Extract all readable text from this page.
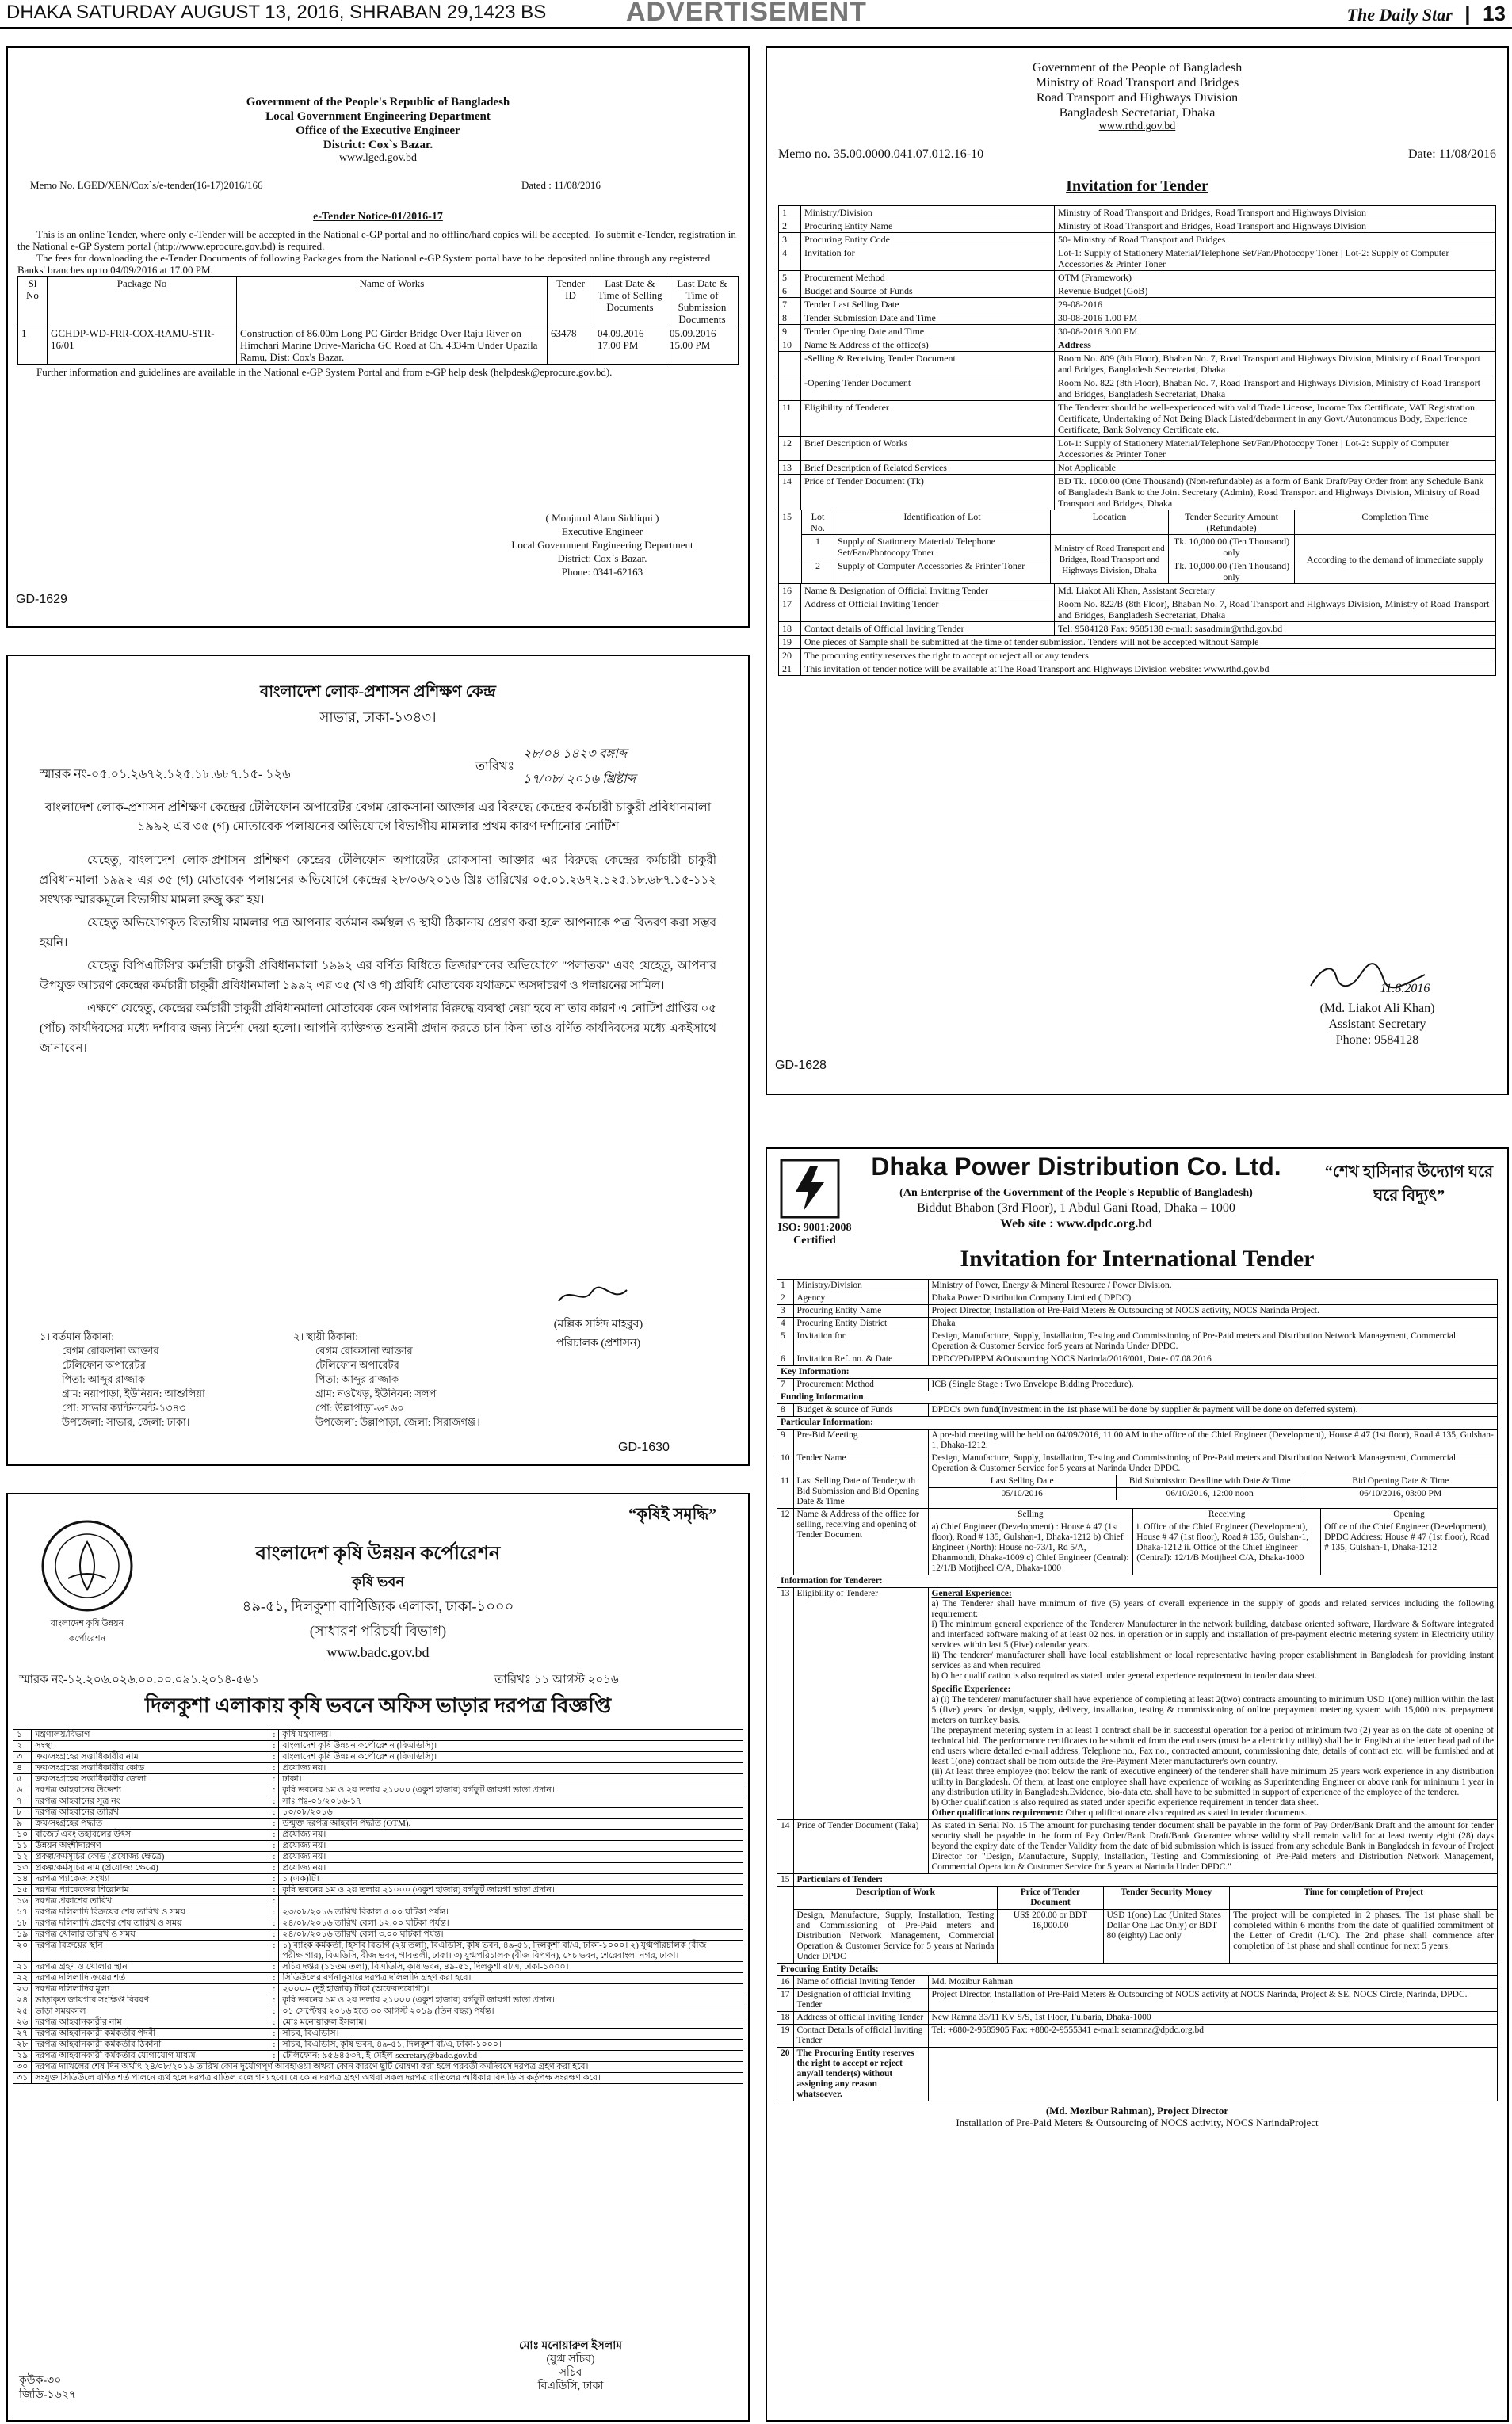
DHAKA SATURDAY AUGUST 13, 2016, SHRABAN 29,1423 BS	ADVERTISEMENT	The Daily Star | 13
Government of the People's Republic of Bangladesh
Local Government Engineering Department
Office of the Executive Engineer
District: Cox`s Bazar.
www.lged.gov.bd
Memo No. LGED/XEN/Cox`s/e-tender(16-17)2016/166	Dated : 11/08/2016
e-Tender Notice-01/2016-17
This is an online Tender, where only e-Tender will be accepted in the National e-GP portal and no offline/hard copies will be accepted. To submit e-Tender, registration in the National e-GP System portal (http://www.eprocure.gov.bd) is required.
The fees for downloading the e-Tender Documents of following Packages from the National e-GP System portal have to be deposited online through any registered Banks' branches up to 04/09/2016 at 17.00 PM.
Sl No	Package No	Name of Works	Tender ID	Last Date & Time of Selling Documents	Last Date & Time of Submission Documents
1	GCHDP-WD-FRR-COX-RAMU-STR-16/01	Construction of 86.00m Long PC Girder Bridge Over Raju River on Himchari Marine Drive-Maricha GC Road at Ch. 4334m Under Upazila Ramu, Dist: Cox's Bazar.	63478	04.09.2016 17.00 PM	05.09.2016 15.00 PM
Further information and guidelines are available in the National e-GP System Portal and from e-GP help desk (helpdesk@eprocure.gov.bd).
( Monjurul Alam Siddiqui )
Executive Engineer
Local Government Engineering Department
District: Cox`s Bazar.
Phone: 0341-62163
GD-1629
Government of the People of Bangladesh
Ministry of Road Transport and Bridges
Road Transport and Highways Division
Bangladesh Secretariat, Dhaka
www.rthd.gov.bd
Memo no. 35.00.0000.041.07.012.16-10	Date: 11/08/2016
Invitation for Tender
1	Ministry/Division	Ministry of Road Transport and Bridges, Road Transport and Highways Division
2	Procuring Entity Name	Ministry of Road Transport and Bridges, Road Transport and Highways Division
3	Procuring Entity Code	50- Ministry of Road Transport and Bridges
4	Invitation for	Lot-1: Supply of Stationery Material/Telephone Set/Fan/Photocopy Toner | Lot-2: Supply of Computer Accessories & Printer Toner
5	Procurement Method	OTM (Framework)
6	Budget and Source of Funds	Revenue Budget (GoB)
7	Tender Last Selling Date	29-08-2016
8	Tender Submission Date and Time	30-08-2016 1.00 PM
9	Tender Opening Date and Time	30-08-2016 3.00 PM
10	Name & Address of the office(s)	Address
	-Selling & Receiving Tender Document	Room No. 809 (8th Floor), Bhaban No. 7, Road Transport and Highways Division, Ministry of Road Transport and Bridges, Bangladesh Secretariat, Dhaka
	-Opening Tender Document	Room No. 822 (8th Floor), Bhaban No. 7, Road Transport and Highways Division, Ministry of Road Transport and Bridges, Bangladesh Secretariat, Dhaka
11	Eligibility of Tenderer	The Tenderer should be well-experienced with valid Trade License, Income Tax Certificate, VAT Registration Certificate, Undertaking of Not Being Black Listed/debarment in any Govt./Autonomous Body, Experience Certificate, Bank Solvency Certificate etc.
12	Brief Description of Works	Lot-1: Supply of Stationery Material/Telephone Set/Fan/Photocopy Toner | Lot-2: Supply of Computer Accessories & Printer Toner
13	Brief Description of Related Services	Not Applicable
14	Price of Tender Document (Tk)	BD Tk. 1000.00 (One Thousand) (Non-refundable) as a form of Bank Draft/Pay Order from any Schedule Bank of Bangladesh Bank to the Joint Secretary (Admin), Road Transport and Highways Division, Ministry of Road Transport and Bridges, Dhaka
15	Lot No.	Identification of Lot	Location	Tender Security Amount (Refundable)	Completion Time
	1	Supply of Stationery Material/ Telephone Set/Fan/Photocopy Toner	Ministry of Road Transport and Bridges, Road Transport and Highways Division, Dhaka	Tk. 10,000.00 (Ten Thousand) only	According to the demand of immediate supply
	2	Supply of Computer Accessories & Printer Toner		Tk. 10,000.00 (Ten Thousand) only	
16	Name & Designation of Official Inviting Tender	Md. Liakot Ali Khan, Assistant Secretary
17	Address of Official Inviting Tender	Room No. 822/B (8th Floor), Bhaban No. 7, Road Transport and Highways Division, Ministry of Road Transport and Bridges, Bangladesh Secretariat, Dhaka
18	Contact details of Official Inviting Tender	Tel: 9584128 Fax: 9585138 e-mail: sasadmin@rthd.gov.bd
19	One pieces of Sample shall be submitted at the time of tender submission. Tenders will not be accepted without Sample
20	The procuring entity reserves the right to accept or reject all or any tenders
21	This invitation of tender notice will be available at The Road Transport and Highways Division website: www.rthd.gov.bd
11.8.2016
(Md. Liakot Ali Khan)
Assistant Secretary
Phone: 9584128
GD-1628
বাংলাদেশ লোক-প্রশাসন প্রশিক্ষণ কেন্দ্র
সাভার, ঢাকা-১৩৪৩।
স্মারক নং-০৫.০১.২৬৭২.১২৫.১৮.৬৮৭.১৫- ১২৬
তারিখঃ
২৮/০৪ ১৪২৩ বঙ্গাব্দ
১৭/০৮/ ২০১৬ খ্রিষ্টাব্দ
বাংলাদেশ লোক-প্রশাসন প্রশিক্ষণ কেন্দ্রের টেলিফোন অপারেটর বেগম রোকসানা আক্তার এর বিরুদ্ধে কেন্দ্রের কর্মচারী চাকুরী প্রবিধানমালা ১৯৯২ এর ৩৫ (গ) মোতাবেক পলায়নের অভিযোগে বিভাগীয় মামলার প্রথম কারণ দর্শানোর নোটিশ

যেহেতু, বাংলাদেশ লোক-প্রশাসন প্রশিক্ষণ কেন্দ্রের টেলিফোন অপারেটর রোকসানা আক্তার এর বিরুদ্ধে কেন্দ্রের কর্মচারী চাকুরী প্রবিধানমালা ১৯৯২ এর ৩৫ (গ) মোতাবেক পলায়নের অভিযোগে কেন্দ্রের ২৮/০৬/২০১৬ খ্রিঃ তারিখের ০৫.০১.২৬৭২.১২৫.১৮.৬৮৭.১৫-১১২ সংখ্যক স্মারকমূলে বিভাগীয় মামলা রুজু করা হয়।

যেহেতু অভিযোগকৃত বিভাগীয় মামলার পত্র আপনার বর্তমান কর্মস্থল ও স্থায়ী ঠিকানায় প্রেরণ করা হলে আপনাকে পত্র বিতরণ করা সম্ভব হয়নি।

যেহেতু বিপিএটিসি'র কর্মচারী চাকুরী প্রবিধানমালা ১৯৯২ এর বর্ণিত বিধিতে ডিজারশনের অভিযোগে "পলাতক" এবং যেহেতু, আপনার উপযুক্ত আচরণ কেন্দ্রের কর্মচারী চাকুরী প্রবিধানমালা ১৯৯২ এর ৩৫ (খ ও গ) প্রবিধি মোতাবেক যথাক্রমে অসদাচরণ ও পলায়নের সামিল।

এক্ষণে যেহেতু, কেন্দ্রের কর্মচারী চাকুরী প্রবিধানমালা মোতাবেক কেন আপনার বিরুদ্ধে ব্যবস্থা নেয়া হবে না তার কারণ এ নোটিশ প্রাপ্তির ০৫ (পাঁচ) কার্যদিবসের মধ্যে দর্শাবার জন্য নির্দেশ দেয়া হলো। আপনি ব্যক্তিগত শুনানী প্রদান করতে চান কিনা তাও বর্ণিত কার্যদিবসের মধ্যে একইসাথে জানাবেন।

(মল্লিক সাঈদ মাহবুব)
পরিচালক (প্রশাসন)
১। বর্তমান ঠিকানা:
বেগম রোকসানা আক্তার
টেলিফোন অপারেটর
পিতা: আব্দুর রাজ্জাক
গ্রাম: নয়াপাড়া, ইউনিয়ন: আশুলিয়া
পো: সাভার ক্যান্টনমেন্ট-১৩৪৩
উপজেলা: সাভার, জেলা: ঢাকা।
২। স্থায়ী ঠিকানা:
বেগম রোকসানা আক্তার
টেলিফোন অপারেটর
পিতা: আব্দুর রাজ্জাক
গ্রাম: নওখৈড়, ইউনিয়ন: সলপ
পো: উল্লাপাড়া-৬৭৬০
উপজেলা: উল্লাপাড়া, জেলা: সিরাজগঞ্জ।
GD-1630
“কৃষিই সমৃদ্ধি”
বাংলাদেশ কৃষি উন্নয়ন কর্পোরেশন
বাংলাদেশ কৃষি উন্নয়ন কর্পোরেশন
কৃষি ভবন
৪৯-৫১, দিলকুশা বাণিজ্যিক এলাকা, ঢাকা-১০০০
(সাধারণ পরিচর্যা বিভাগ)
www.badc.gov.bd
স্মারক নং-১২.২০৬.০২৬.০০.০০.০৯১.২০১৪-৫৬১	তারিখঃ ১১ আগস্ট ২০১৬
দিলকুশা এলাকায় কৃষি ভবনে অফিস ভাড়ার দরপত্র বিজ্ঞপ্তি
১	মন্ত্রণালয়/বিভাগ	:	কৃষি মন্ত্রণালয়।
২	সংস্থা	:	বাংলাদেশ কৃষি উন্নয়ন কর্পোরেশন (বিএডিসি)।
৩	ক্রয়/সংগ্রহের সত্তাধিকারীর নাম	:	বাংলাদেশ কৃষি উন্নয়ন কর্পোরেশন (বিএডিসি)।
৪	ক্রয়/সংগ্রহের সত্তাধিকারীর কোড	:	প্রযোজ্য নয়।
৫	ক্রয়/সংগ্রহের সত্তাধিকারীর জেলা	:	ঢাকা।
৬	দরপত্র আহবানের উদ্দেশ্য	:	কৃষি ভবনের ১ম ও ২য় তলায় ২১০০০ (একুশ হাজার) বর্গফুট জায়গা ভাড়া প্রদান।
৭	দরপত্র আহবানের সূত্র নং	:	সাঃ পঃ-০১/২০১৬-১৭
৮	দরপত্র আহবানের তারিখ	:	১০/০৮/২০১৬
৯	ক্রয়/সংগ্রহের পদ্ধতি	:	উন্মুক্ত দরপত্র আহবান পদ্ধতি (OTM).
১০	বাজেট এবং তহবিলের উৎস	:	প্রযোজ্য নয়।
১১	উন্নয়ন অংশীদারগণ	:	প্রযোজ্য নয়।
১২	প্রকল্প/কর্মসূচির কোড (প্রযোজ্য ক্ষেত্রে)	:	প্রযোজ্য নয়।
১৩	প্রকল্প/কর্মসূচির নাম (প্রযোজ্য ক্ষেত্রে)	:	প্রযোজ্য নয়।
১৪	দরপত্র প্যাকেজ সংখ্যা	:	১ (এক)টি।
১৫	দরপত্র প্যাকেজের শিরোনাম	:	কৃষি ভবনের ১ম ও ২য় তলায় ২১০০০ (একুশ হাজার) বর্গফুট জায়গা ভাড়া প্রদান।
১৬	দরপত্র প্রকাশের তারিখ	:	
১৭	দরপত্র দলিলাদি বিক্রয়ের শেষ তারিখ ও সময়	:	২৩/০৮/২০১৬ তারিখ বিকাল ৫.০০ ঘটিকা পর্যন্ত।
১৮	দরপত্র দলিলাদি গ্রহণের শেষ তারিখ ও সময়	:	২৪/০৮/২০১৬ তারিখ বেলা ১২.০০ ঘটিকা পর্যন্ত।
১৯	দরপত্র খোলার তারিখ ও সময়	:	২৪/০৮/২০১৬ তারিখ বেলা ৩.০০ ঘটিকা পর্যন্ত।
২০	দরপত্র বিক্রয়ের স্থান	:	১) ব্যাংক কর্মকর্তা, হিসাব বিভাগ (২য় তলা), বিএডিসি, কৃষি ভবন, ৪৯-৫১, দিলকুশা বা/এ, ঢাকা-১০০০। ২) যুগ্মপরিচালক (বীজ পরীক্ষাগার), বিএডিসি, বীজ ভবন, গাবতলী, ঢাকা। ৩) যুগ্মপরিচালক (বীজ বিপণন), সেচ ভবন, শেরেবাংলা নগর, ঢাকা।
২১	দরপত্র গ্রহণ ও খোলার স্থান	:	সচিব দপ্তর (১১তম তলা), বিএডিসি, কৃষি ভবন, ৪৯-৫১, দিলকুশা বা/এ, ঢাকা-১০০০।
২২	দরপত্র দলিলাদি ক্রয়ের শর্ত	:	সিডিউলের বর্ণনানুসারে দরপত্র দলিলাদি গ্রহণ করা হবে।
২৩	দরপত্র দলিলাদির মূল্য	:	২০০০/- (দুই হাজার) টাকা (অফেরতযোগ্য)।
২৪	ভাড়াকৃত জায়গার সংক্ষিপ্ত বিবরণ	:	কৃষি ভবনের ১ম ও ২য় তলায় ২১০০০ (একুশ হাজার) বর্গফুট জায়গা ভাড়া প্রদান।
২৫	ভাড়া সময়কাল	:	০১ সেপ্টেম্বর ২০১৬ হতে ৩০ আগস্ট ২০১৯ (তিন বছর) পর্যন্ত।
২৬	দরপত্র আহবানকারীর নাম	:	মোঃ মনোয়ারুল ইসলাম।
২৭	দরপত্র আহবানকারী কর্মকর্তার পদবী	:	সচিব, বিএডিসি।
২৮	দরপত্র আহবানকারী কর্মকর্তার ঠিকানা	:	সচিব, বিএডিসি, কৃষি ভবন, ৪৯-৫১, দিলকুশা বা/এ, ঢাকা-১০০০।
২৯	দরপত্র আহবানকারী কর্মকর্তার যোগাযোগ মাধ্যম	:	টেলিফোন: ৯৫৬৪৫৩৭, ই-মেইল-secretary@badc.gov.bd
৩০	দরপত্র দাখিলের শেষ দিন অর্থাৎ ২৪/০৮/২০১৬ তারিখ কোন দুর্যোগপূর্ণ আবহাওয়া অথবা কোন কারণে ছুটি ঘোষণা করা হলে পরবর্তী কর্মদিবসে দরপত্র গ্রহণ করা হবে।
৩১	সংযুক্ত সিডিউলে বর্ণিত শর্ত পালনে ব্যর্থ হলে দরপত্র বাতিল বলে গণ্য হবে। যে কোন দরপত্র গ্রহণ অথবা সকল দরপত্র বাতিলের অধিকার বিএডিসি কর্তৃপক্ষ সংরক্ষণ করে।
মোঃ মনোয়ারুল ইসলাম
(যুগ্ম সচিব)
সচিব
বিএডিসি, ঢাকা
কৃউক-৩০
জিডি-১৬২৭
ISO: 9001:2008 Certified
Dhaka Power Distribution Co. Ltd.
(An Enterprise of the Government of the People's Republic of Bangladesh)
Biddut Bhabon (3rd Floor), 1 Abdul Gani Road, Dhaka – 1000
Web site : www.dpdc.org.bd
“শেখ হাসিনার উদ্যোগ ঘরে ঘরে বিদ্যুৎ”
Invitation for International Tender
1	Ministry/Division	Ministry of Power, Energy & Mineral Resource / Power Division.
2	Agency	Dhaka Power Distribution Company Limited ( DPDC).
3	Procuring Entity Name	Project Director, Installation of Pre-Paid Meters & Outsourcing of NOCS activity, NOCS Narinda Project.
4	Procuring Entity District	Dhaka
5	Invitation for	Design, Manufacture, Supply, Installation, Testing and Commissioning of Pre-Paid meters and Distribution Network Management, Commercial Operation & Customer Service for5 years at Narinda Under DPDC.
6	Invitation Ref. no. & Date	DPDC/PD/IPPM &Outsourcing NOCS Narinda/2016/001, Date- 07.08.2016
Key Information:
7	Procurement Method	ICB (Single Stage : Two Envelope Bidding Procedure).
Funding Information
8	Budget & source of Funds	DPDC's own fund(Investment in the 1st phase will be done by supplier & payment will be done on deferred system).
Particular Information:
9	Pre-Bid Meeting	A pre-bid meeting will be held on 04/09/2016, 11.00 AM in the office of the Chief Engineer (Development), House # 47 (1st floor), Road # 135, Gulshan-1, Dhaka-1212.
10	Tender Name	Design, Manufacture, Supply, Installation, Testing and Commissioning of Pre-Paid meters and Distribution Network Management, Commercial Operation & Customer Service for 5 years at Narinda Under DPDC.
11	Last Selling Date of Tender,with Bid Submission and Bid Opening Date & Time	
Last Selling Date	Bid Submission Deadline with Date & Time	Bid Opening Date & Time
05/10/2016	06/10/2016, 12:00 noon	06/10/2016, 03:00 PM

12	Name & Address of the office for selling, receiving and opening of Tender Document	
Selling	Receiving	Opening
a) Chief Engineer (Development) : House # 47 (1st floor), Road # 135, Gulshan-1, Dhaka-1212 b) Chief Engineer (North): House no-73/1, Rd 5/A, Dhanmondi, Dhaka-1009 c) Chief Engineer (Central): 12/1/B Motijheel C/A, Dhaka-1000	i. Office of the Chief Engineer (Development), House # 47 (1st floor), Road # 135, Gulshan-1, Dhaka-1212 ii. Office of the Chief Engineer (Central): 12/1/B Motijheel C/A, Dhaka-1000	Office of the Chief Engineer (Development), DPDC Address: House # 47 (1st floor), Road # 135, Gulshan-1, Dhaka-1212

Information for Tenderer:
13	Eligibility of Tenderer	General Experience:
a) The Tenderer shall have minimum of five (5) years of overall experience in the supply of goods and related services including the following requirement:
i) The minimum general experience of the Tenderer/ Manufacturer in the network building, database oriented software, Hardware & Software integrated and interfaced software making of at least 02 nos. in operation or in supply and installation of pre-payment electric metering system in Electricity utility services within last 5 (Five) calendar years.
ii) The tenderer/ manufacturer shall have local establishment or local representative having proper establishment in Bangladesh for providing instant services as and when required
b) Other qualification is also required as stated under general experience requirement in tender data sheet.
Specific Experience:
a) (i) The tenderer/ manufacturer shall have experience of completing at least 2(two) contracts amounting to minimum USD 1(one) million within the last 5 (five) years for design, supply, delivery, installation, testing & commissioning of online prepayment metering system with 15,000 nos. prepayment meters on turnkey basis.
The prepayment metering system in at least 1 contract shall be in successful operation for a period of minimum two (2) year as on the date of opening of technical bid. The performance certificates to be submitted from the end users (must be a electricity utility) shall be in English at the letter head pad of the end users where detailed e-mail address, Telephone no., Fax no., contracted amount, commissioning date, details of contract etc. will be furnished and at least 1(one) contract shall be from outside the Pre-Payment Meter manufacturer's own country.
(ii) At least three employee (not below the rank of executive engineer) of the tenderer shall have minimum 25 years work experience in any distribution utility in Bangladesh. Of them, at least one employee shall have experience of working as Superintending Engineer or above rank for minimum 1 year in any distribution utility in Bangladesh.Evidence, bio-data etc. shall have to be submitted in support of experience of the employee of the tenderer.
b) Other qualification is also required as stated under specific experience requirement in tender data sheet.
Other qualifications requirement: Other qualificationare also required as stated in tender documents.

14	Price of Tender Document (Taka)	As stated in Serial No. 15 The amount for purchasing tender document shall be payable in the form of Pay Order/Bank Draft and the amount for tender security shall be payable in the form of Pay Order/Bank Draft/Bank Guarantee whose validity shall remain valid for at least twenty eight (28) days beyond the expiry date of the Tender Validity from the date of bid submission which is issued from any schedule Bank in Bangladesh in favour of Project Director for "Design, Manufacture, Supply, Installation, Testing and Commissioning of Pre-Paid meters and Distribution Network Management, Commercial Operation & Customer Service for 5 years at Narinda Under DPDC."
15	Particulars of Tender:

Description of Work	Price of Tender Document	Tender Security Money	Time for completion of Project
Design, Manufacture, Supply, Installation, Testing and Commissioning of Pre-Paid meters and Distribution Network Management, Commercial Operation & Customer Service for 5 years at Narinda Under DPDC	US$ 200.00 or BDT 16,000.00	USD 1(one) Lac (United States Dollar One Lac Only) or BDT 80 (eighty) Lac only	The project will be completed in 2 phases. The 1st phase shall be completed within 6 months from the date of qualified commitment of the Letter of Credit (L/C). The 2nd phase shall commence after completion of 1st phase and shall continue for next 5 years.

Procuring Entity Details:
16	Name of official Inviting Tender	Md. Mozibur Rahman
17	Designation of official Inviting Tender	Project Director, Installation of Pre-Paid Meters & Outsourcing of NOCS activity at NOCS Narinda, Project & SE, NOCS Circle, Narinda, DPDC.
18	Address of official Inviting Tender	New Ramna 33/11 KV S/S, 1st Floor, Fulbaria, Dhaka-1000
19	Contact Details of official Inviting Tender	Tel: +880-2-9585905 Fax: +880-2-9555341 e-mail: seramna@dpdc.org.bd
20	The Procuring Entity reserves the right to accept or reject any/all tender(s) without assigning any reason whatsoever.	
(Md. Mozibur Rahman), Project Director
Installation of Pre-Paid Meters & Outsourcing of NOCS activity, NOCS NarindaProject
